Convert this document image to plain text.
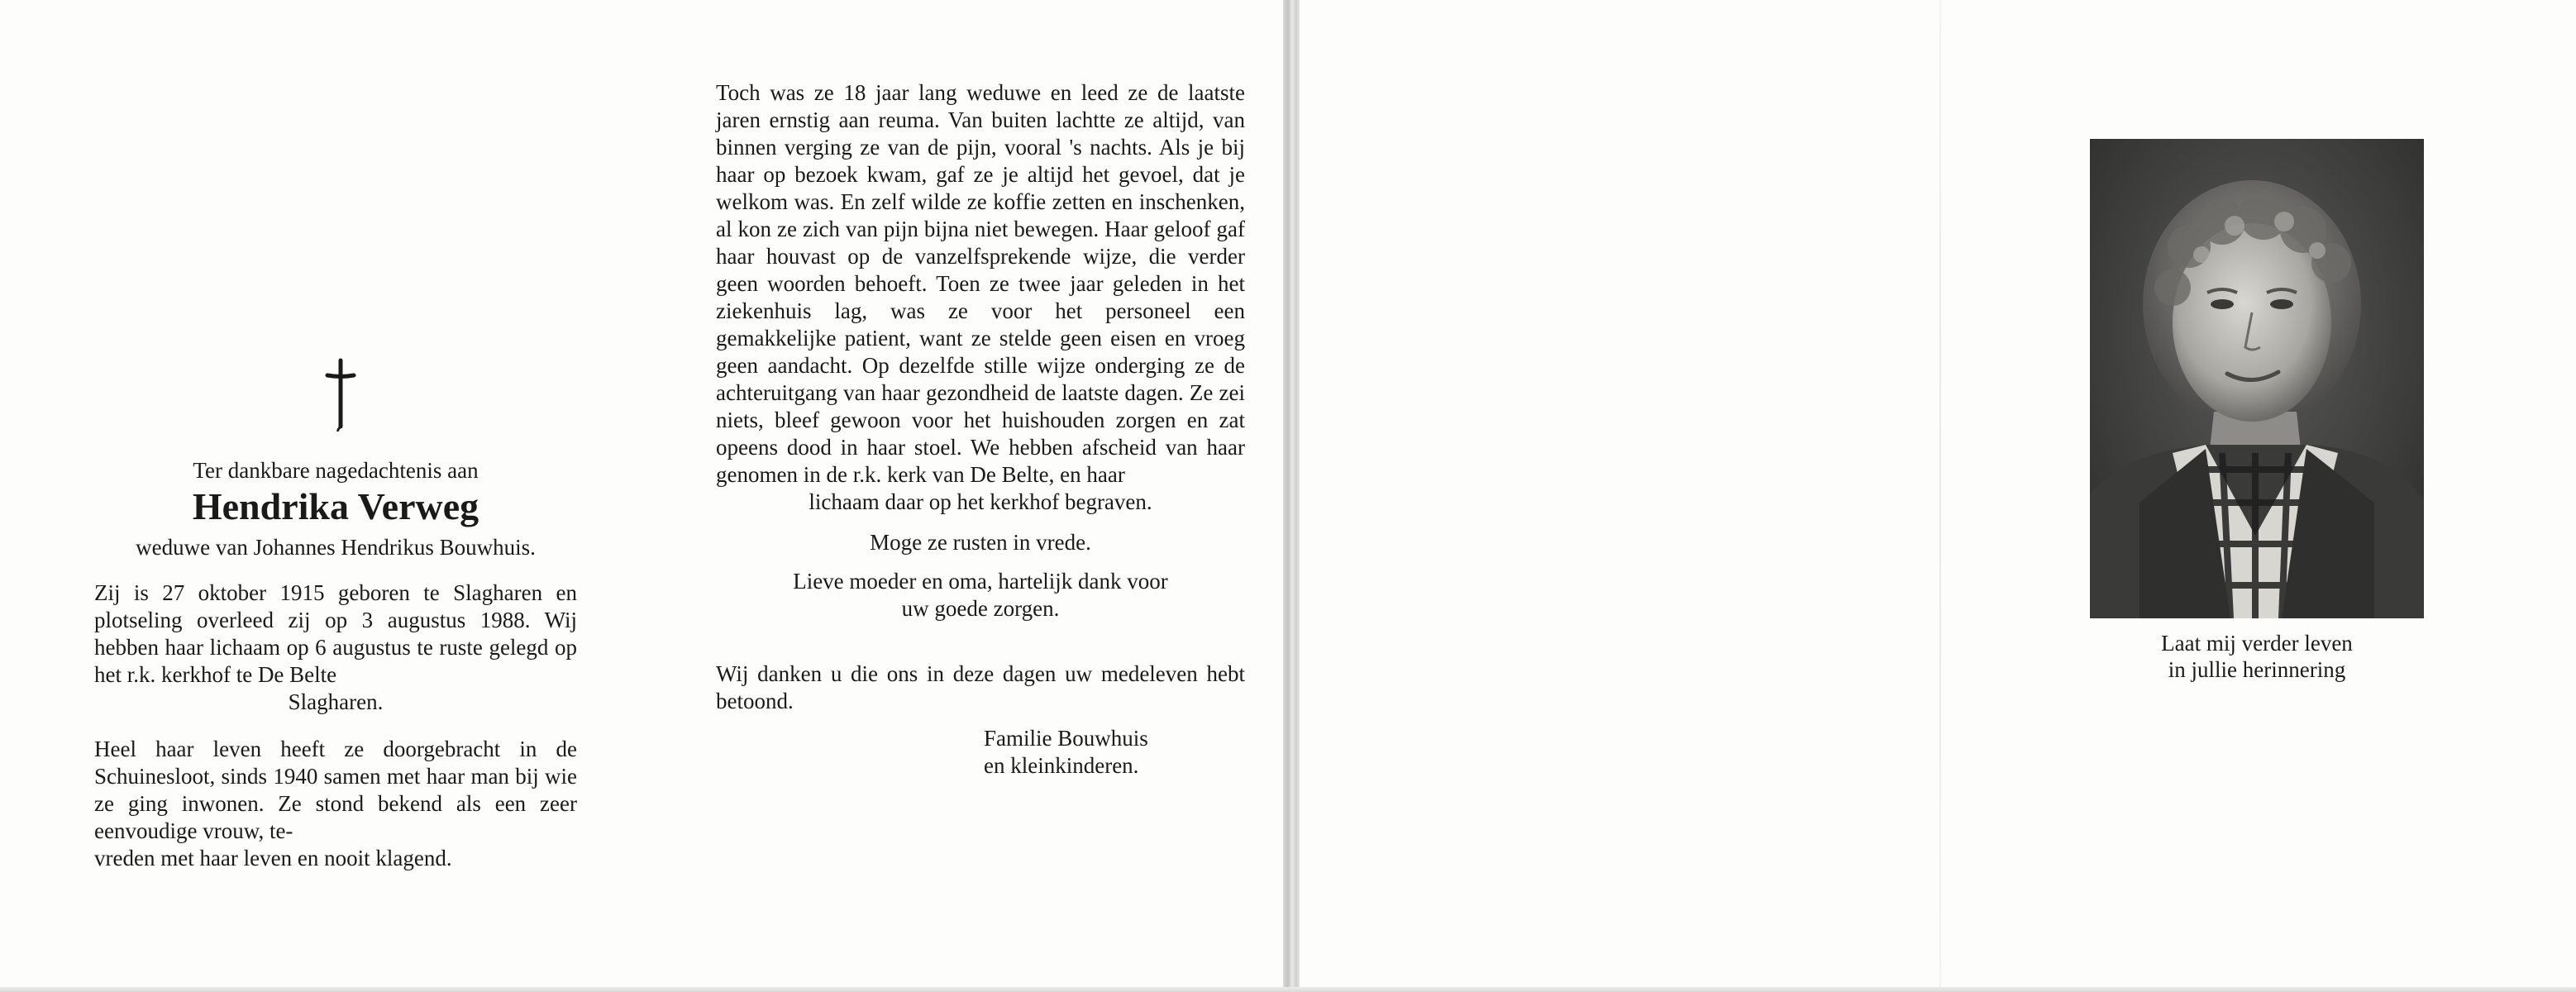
Ter dankbare nagedachtenis aan
Hendrika Verweg
weduwe van Johannes Hendrikus Bouwhuis.
Zij is 27 oktober 1915 geboren te Slagharen en plotseling overleed zij op 3 augustus 1988. Wij hebben haar lichaam op 6 augustus te ruste gelegd op het r.k. kerkhof te De Belte
Slagharen.
Heel haar leven heeft ze doorgebracht in de Schuinesloot, sinds 1940 samen met haar man bij wie ze ging inwonen. Ze stond bekend als een zeer eenvoudige vrouw, te-
vreden met haar leven en nooit klagend.
Toch was ze 18 jaar lang weduwe en leed ze de laatste jaren ernstig aan reuma. Van buiten lachtte ze altijd, van binnen verging ze van de pijn, vooral 's nachts. Als je bij haar op bezoek kwam, gaf ze je altijd het gevoel, dat je welkom was. En zelf wilde ze koffie zetten en inschenken, al kon ze zich van pijn bijna niet bewegen. Haar geloof gaf haar houvast op de vanzelfsprekende wijze, die verder geen woorden behoeft. Toen ze twee jaar geleden in het ziekenhuis lag, was ze voor het personeel een gemakkelijke patient, want ze stelde geen eisen en vroeg geen aandacht. Op dezelfde stille wijze onderging ze de achteruitgang van haar gezondheid de laatste dagen. Ze zei niets, bleef gewoon voor het huishouden zorgen en zat opeens dood in haar stoel. We hebben afscheid van haar genomen in de r.k. kerk van De Belte, en haar
lichaam daar op het kerkhof begraven.
Moge ze rusten in vrede.
Lieve moeder en oma, hartelijk dank voor
uw goede zorgen.
Wij danken u die ons in deze dagen uw medeleven hebt betoond.
Familie Bouwhuis
en kleinkinderen.
Laat mij verder leven
in jullie herinnering
